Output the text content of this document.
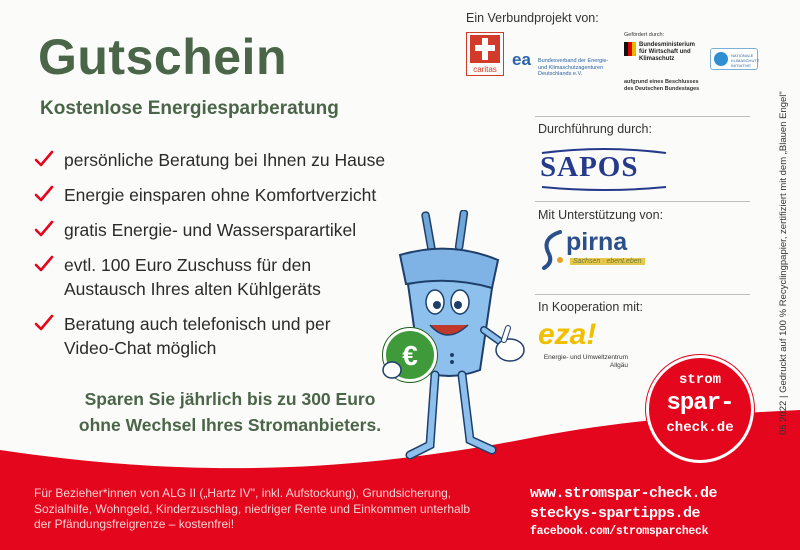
Gutschein
Kostenlose Energiesparberatung
persönliche Beratung bei Ihnen zu Hause
Energie einsparen ohne Komfortverzicht
gratis Energie- und Wassersparartikel
evtl. 100 Euro Zuschuss für den Austausch Ihres alten Kühlgeräts
Beratung auch telefonisch und per Video-Chat möglich
Sparen Sie jährlich bis zu 300 Euro
ohne Wechsel Ihres Stromanbieters.
€
Ein Verbundprojekt von:
caritas
ea Bundesverband der Energie- und Klimaschutzagenturen Deutschlands e.V.
Gefördert durch:
Bundesministerium für Wirtschaft und Klimaschutz
aufgrund eines Beschlusses des Deutschen Bundestages
NATIONALE KLIMASCHUTZ INITIATIVE
Durchführung durch:
SAPOS
Mit Unterstützung von:
pirna
Sachsen · ebenLeben
In Kooperation mit:
eza!
Energie- und Umweltzentrum Allgäu	05.2022 | Gedruckt auf 100 % Recyclingpapier, zertifiziert mit dem „Blauen Engel"
strom
spar-
check.de
Für Bezieher*innen von ALG II („Hartz IV", inkl. Aufstockung), Grundsicherung, Sozialhilfe, Wohngeld, Kinderzuschlag, niedriger Rente und Einkommen unterhalb der Pfändungsfreigrenze – kostenfrei!
www.stromspar-check.de
steckys-spartipps.de
facebook.com/stromsparcheck
